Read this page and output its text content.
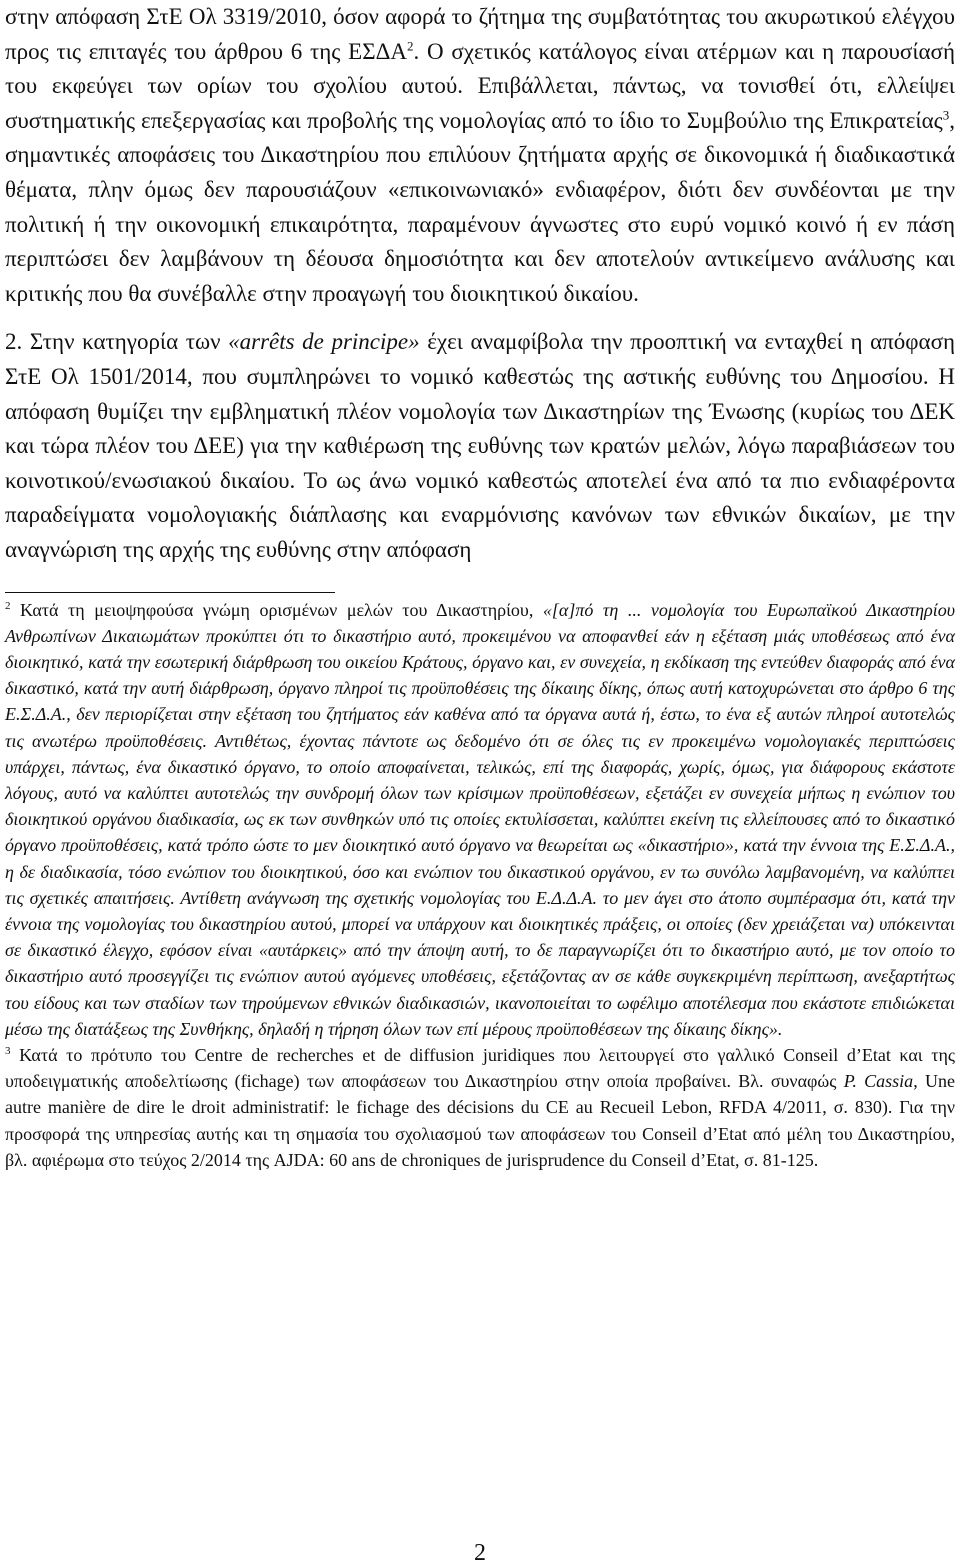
στην απόφαση ΣτΕ Ολ 3319/2010, όσον αφορά το ζήτημα της συμβατότητας του ακυρωτικού ελέγχου προς τις επιταγές του άρθρου 6 της ΕΣΔΑ$^2$. Ο σχετικός κατάλογος είναι ατέρμων και η παρουσίασή του εκφεύγει των ορίων του σχολίου αυτού. Επιβάλλεται, πάντως, να τονισθεί ότι, ελλείψει συστηματικής επεξεργασίας και προβολής της νομολογίας από το ίδιο το Συμβούλιο της Επικρατείας$^3$, σημαντικές αποφάσεις του Δικαστηρίου που επιλύουν ζητήματα αρχής σε δικονομικά ή διαδικαστικά θέματα, πλην όμως δεν παρουσιάζουν «επικοινωνιακό» ενδιαφέρον, διότι δεν συνδέονται με την πολιτική ή την οικονομική επικαιρότητα, παραμένουν άγνωστες στο ευρύ νομικό κοινό ή εν πάση περιπτώσει δεν λαμβάνουν τη δέουσα δημοσιότητα και δεν αποτελούν αντικείμενο ανάλυσης και κριτικής που θα συνέβαλλε στην προαγωγή του διοικητικού δικαίου.

2. Στην κατηγορία των «arrêts de principe» έχει αναμφίβολα την προοπτική να ενταχθεί η απόφαση ΣτΕ Ολ 1501/2014, που συμπληρώνει το νομικό καθεστώς της αστικής ευθύνης του Δημοσίου. Η απόφαση θυμίζει την εμβληματική πλέον νομολογία των Δικαστηρίων της Ένωσης (κυρίως του ΔΕΚ και τώρα πλέον του ΔΕΕ) για την καθιέρωση της ευθύνης των κρατών μελών, λόγω παραβιάσεων του κοινοτικού/ενωσιακού δικαίου. Το ως άνω νομικό καθεστώς αποτελεί ένα από τα πιο ενδιαφέροντα παραδείγματα νομολογιακής διάπλασης και εναρμόνισης κανόνων των εθνικών δικαίων, με την αναγνώριση της αρχής της ευθύνης στην απόφαση

$^2$ Κατά τη μειοψηφούσα γνώμη ορισμένων μελών του Δικαστηρίου, «[α]πό τη ... νομολογία του Ευρωπαϊκού Δικαστηρίου Ανθρωπίνων Δικαιωμάτων προκύπτει ότι το δικαστήριο αυτό, προκειμένου να αποφανθεί εάν η εξέταση μιάς υποθέσεως από ένα διοικητικό, κατά την εσωτερική διάρθρωση του οικείου Κράτους, όργανο και, εν συνεχεία, η εκδίκαση της εντεύθεν διαφοράς από ένα δικαστικό, κατά την αυτή διάρθρωση, όργανο πληροί τις προϋποθέσεις της δίκαιης δίκης, όπως αυτή κατοχυρώνεται στο άρθρο 6 της Ε.Σ.Δ.Α., δεν περιορίζεται στην εξέταση του ζητήματος εάν καθένα από τα όργανα αυτά ή, έστω, το ένα εξ αυτών πληροί αυτοτελώς τις ανωτέρω προϋποθέσεις. Αντιθέτως, έχοντας πάντοτε ως δεδομένο ότι σε όλες τις εν προκειμένω νομολογιακές περιπτώσεις υπάρχει, πάντως, ένα δικαστικό όργανο, το οποίο αποφαίνεται, τελικώς, επί της διαφοράς, χωρίς, όμως, για διάφορους εκάστοτε λόγους, αυτό να καλύπτει αυτοτελώς την συνδρομή όλων των κρίσιμων προϋποθέσεων, εξετάζει εν συνεχεία μήπως η ενώπιον του διοικητικού οργάνου διαδικασία, ως εκ των συνθηκών υπό τις οποίες εκτυλίσσεται, καλύπτει εκείνη τις ελλείπουσες από το δικαστικό όργανο προϋποθέσεις, κατά τρόπο ώστε το μεν διοικητικό αυτό όργανο να θεωρείται ως «δικαστήριο», κατά την έννοια της Ε.Σ.Δ.Α., η δε διαδικασία, τόσο ενώπιον του διοικητικού, όσο και ενώπιον του δικαστικού οργάνου, εν τω συνόλω λαμβανομένη, να καλύπτει τις σχετικές απαιτήσεις. Αντίθετη ανάγνωση της σχετικής νομολογίας του Ε.Δ.Δ.Α. το μεν άγει στο άτοπο συμπέρασμα ότι, κατά την έννοια της νομολογίας του δικαστηρίου αυτού, μπορεί να υπάρχουν και διοικητικές πράξεις, οι οποίες (δεν χρειάζεται να) υπόκεινται σε δικαστικό έλεγχο, εφόσον είναι «αυτάρκεις» από την άποψη αυτή, το δε παραγνωρίζει ότι το δικαστήριο αυτό, με τον οποίο το δικαστήριο αυτό προσεγγίζει τις ενώπιον αυτού αγόμενες υποθέσεις, εξετάζοντας αν σε κάθε συγκεκριμένη περίπτωση, ανεξαρτήτως του είδους και των σταδίων των τηρούμενων εθνικών διαδικασιών, ικανοποιείται το ωφέλιμο αποτέλεσμα που εκάστοτε επιδιώκεται μέσω της διατάξεως της Συνθήκης, δηλαδή η τήρηση όλων των επί μέρους προϋποθέσεων της δίκαιης δίκης».

$^3$ Κατά το πρότυπο του Centre de recherches et de diffusion juridiques που λειτουργεί στο γαλλικό Conseil d’Etat και της υποδειγματικής αποδελτίωσης (fichage) των αποφάσεων του Δικαστηρίου στην οποία προβαίνει. Βλ. συναφώς P. Cassia, Une autre manière de dire le droit administratif: le fichage des décisions du CE au Recueil Lebon, RFDA 4/2011, σ. 830). Για την προσφορά της υπηρεσίας αυτής και τη σημασία του σχολιασμού των αποφάσεων του Conseil d’Etat από μέλη του Δικαστηρίου, βλ. αφιέρωμα στο τεύχος 2/2014 της AJDA: 60 ans de chroniques de jurisprudence du Conseil d’Etat, σ. 81-125.

2
